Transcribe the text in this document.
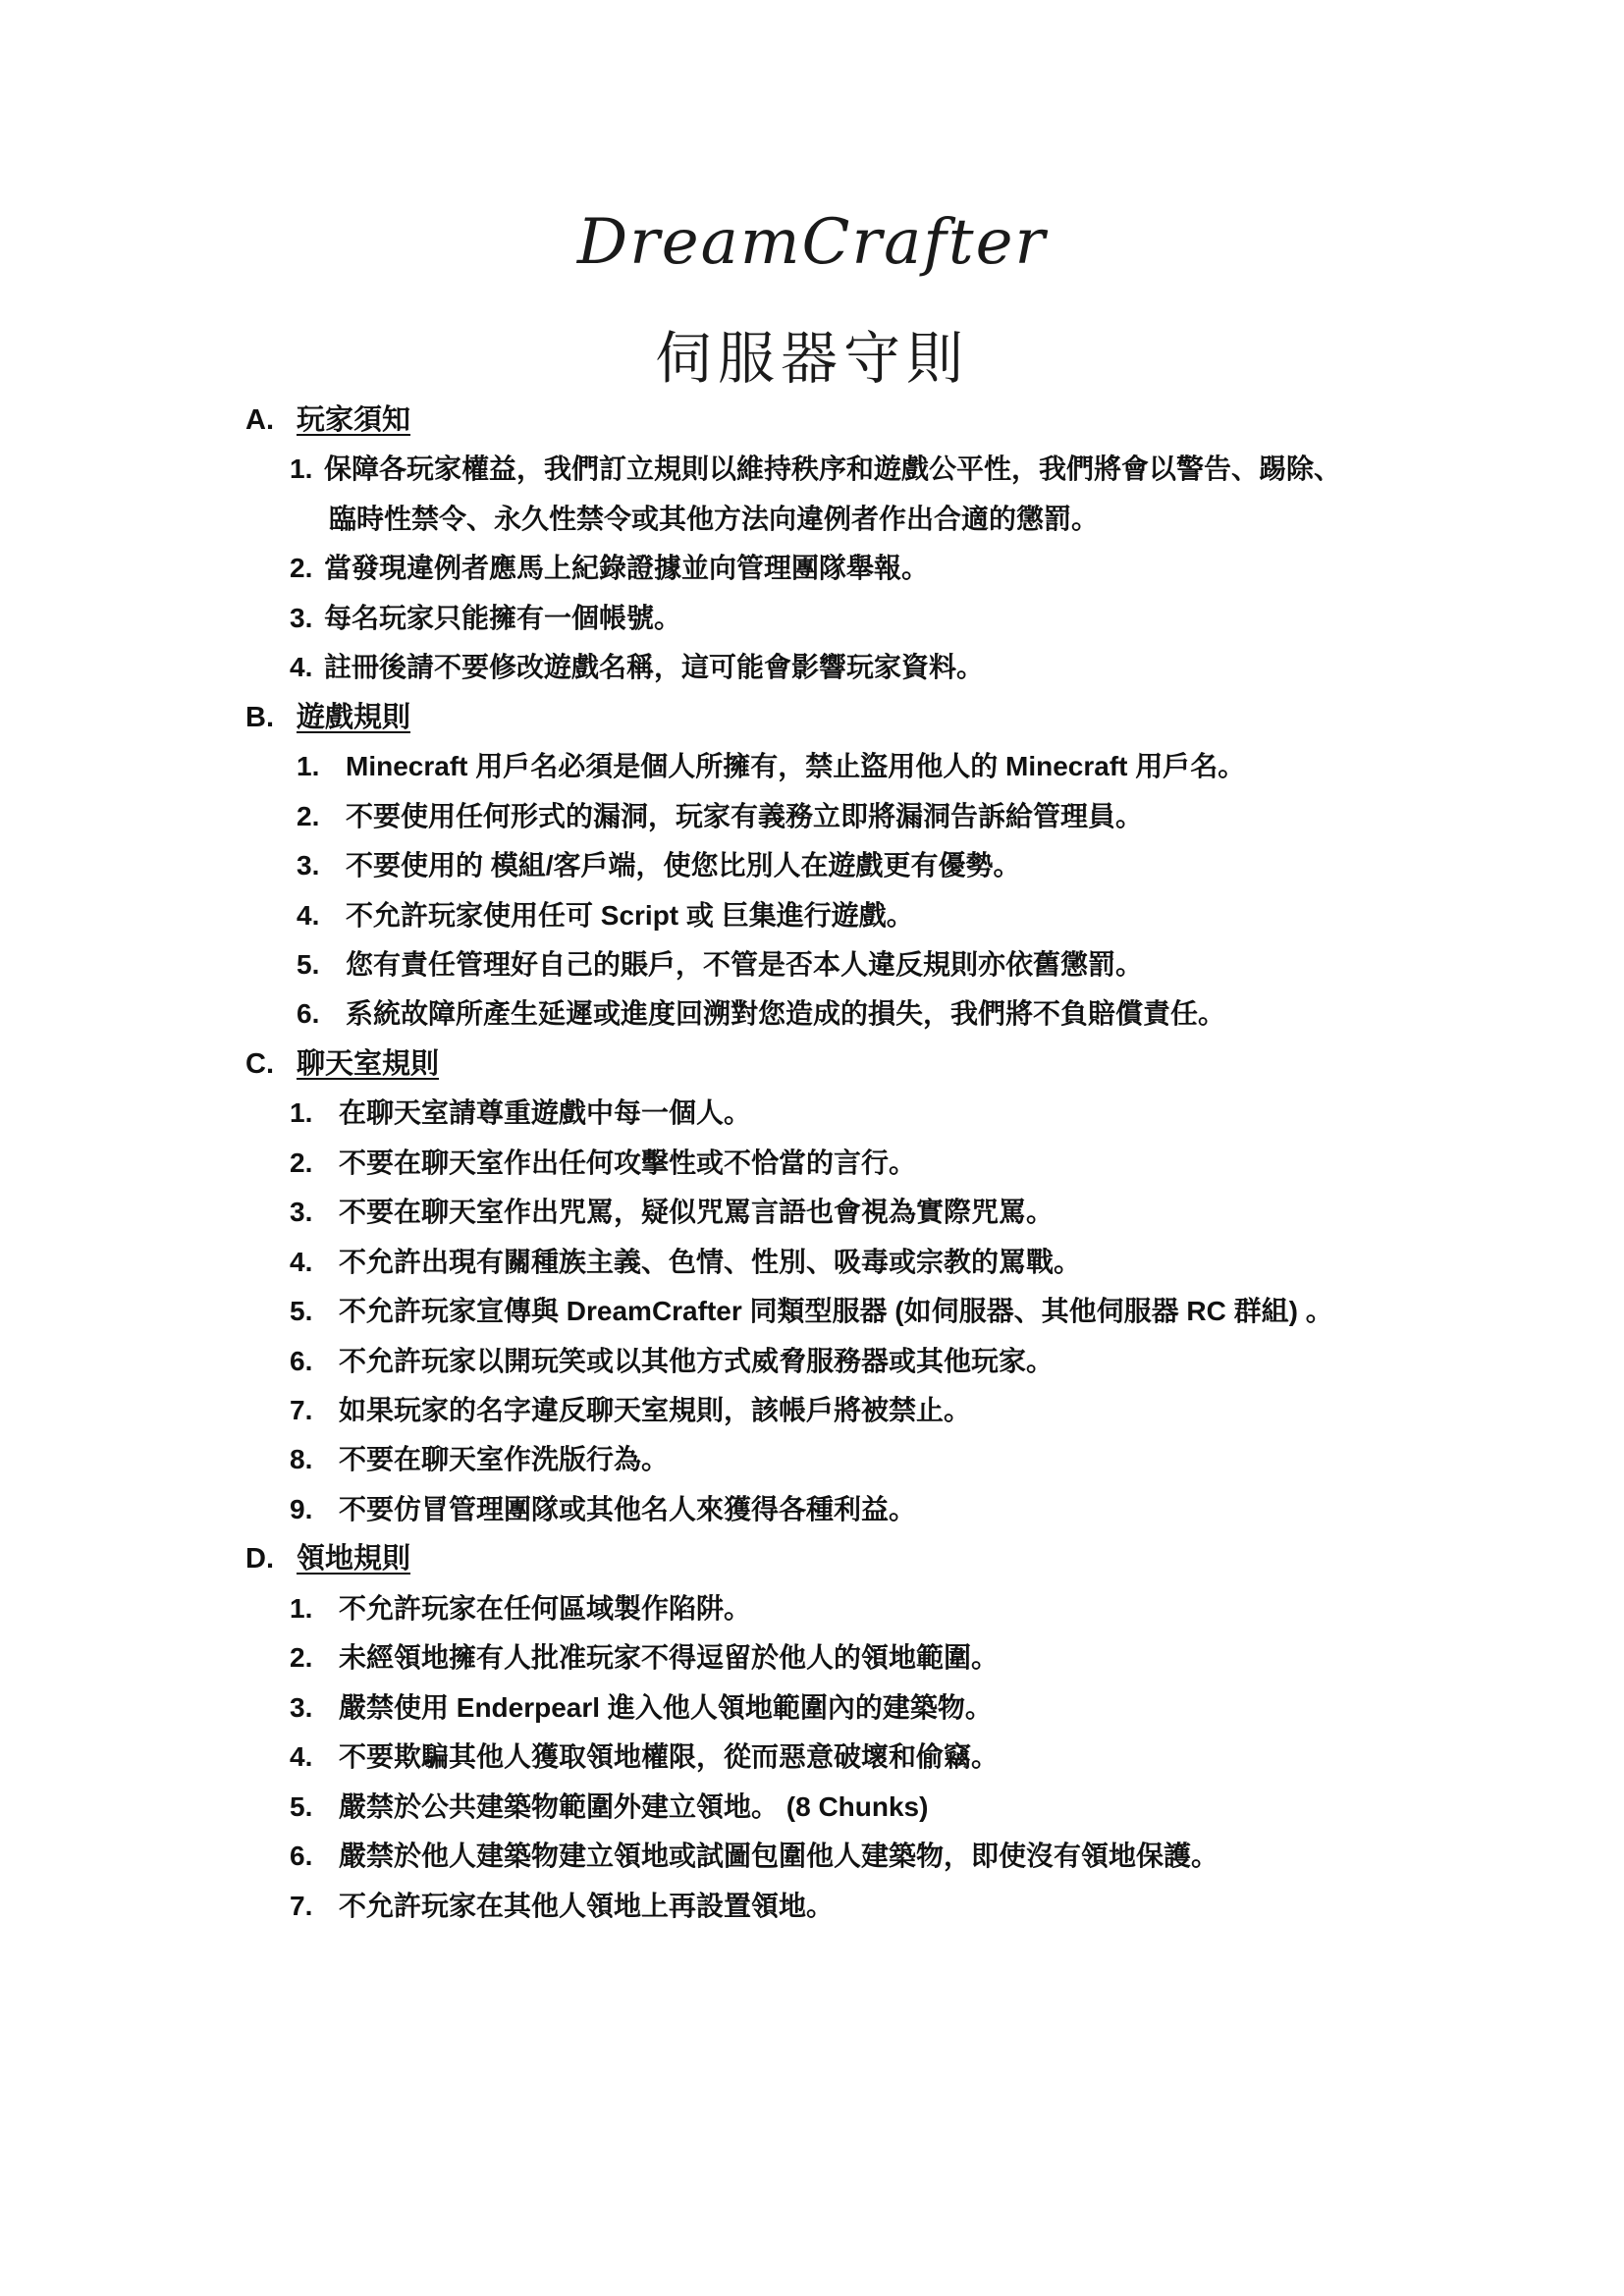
DreamCrafter
伺服器守則
A. 玩家須知
1. 保障各玩家權益，我們訂立規則以維持秩序和遊戲公平性，我們將會以警告、踢除、
臨時性禁令、永久性禁令或其他方法向違例者作出合適的懲罰。
2. 當發現違例者應馬上紀錄證據並向管理團隊舉報。
3. 每名玩家只能擁有一個帳號。
4. 註冊後請不要修改遊戲名稱，這可能會影響玩家資料。
B. 遊戲規則
1. Minecraft 用戶名必須是個人所擁有，禁止盜用他人的 Minecraft 用戶名。
2. 不要使用任何形式的漏洞，玩家有義務立即將漏洞告訴給管理員。
3. 不要使用的 模組/客戶端，使您比別人在遊戲更有優勢。
4. 不允許玩家使用任可 Script 或 巨集進行遊戲。
5. 您有責任管理好自己的賬戶，不管是否本人違反規則亦依舊懲罰。
6. 系統故障所產生延遲或進度回溯對您造成的損失，我們將不負賠償責任。
C. 聊天室規則
1. 在聊天室請尊重遊戲中每一個人。
2. 不要在聊天室作出任何攻擊性或不恰當的言行。
3. 不要在聊天室作出咒罵，疑似咒罵言語也會視為實際咒罵。
4. 不允許出現有關種族主義、色情、性別、吸毒或宗教的罵戰。
5. 不允許玩家宣傳與 DreamCrafter 同類型服器 (如伺服器、其他伺服器 RC 群組) 。
6. 不允許玩家以開玩笑或以其他方式威脅服務器或其他玩家。
7. 如果玩家的名字違反聊天室規則，該帳戶將被禁止。
8. 不要在聊天室作洗版行為。
9. 不要仿冒管理團隊或其他名人來獲得各種利益。
D. 領地規則
1. 不允許玩家在任何區域製作陷阱。
2. 未經領地擁有人批准玩家不得逗留於他人的領地範圍。
3. 嚴禁使用 Enderpearl 進入他人領地範圍內的建築物。
4. 不要欺騙其他人獲取領地權限，從而惡意破壞和偷竊。
5. 嚴禁於公共建築物範圍外建立領地。 (8 Chunks)
6. 嚴禁於他人建築物建立領地或試圖包圍他人建築物，即使沒有領地保護。
7. 不允許玩家在其他人領地上再設置領地。
